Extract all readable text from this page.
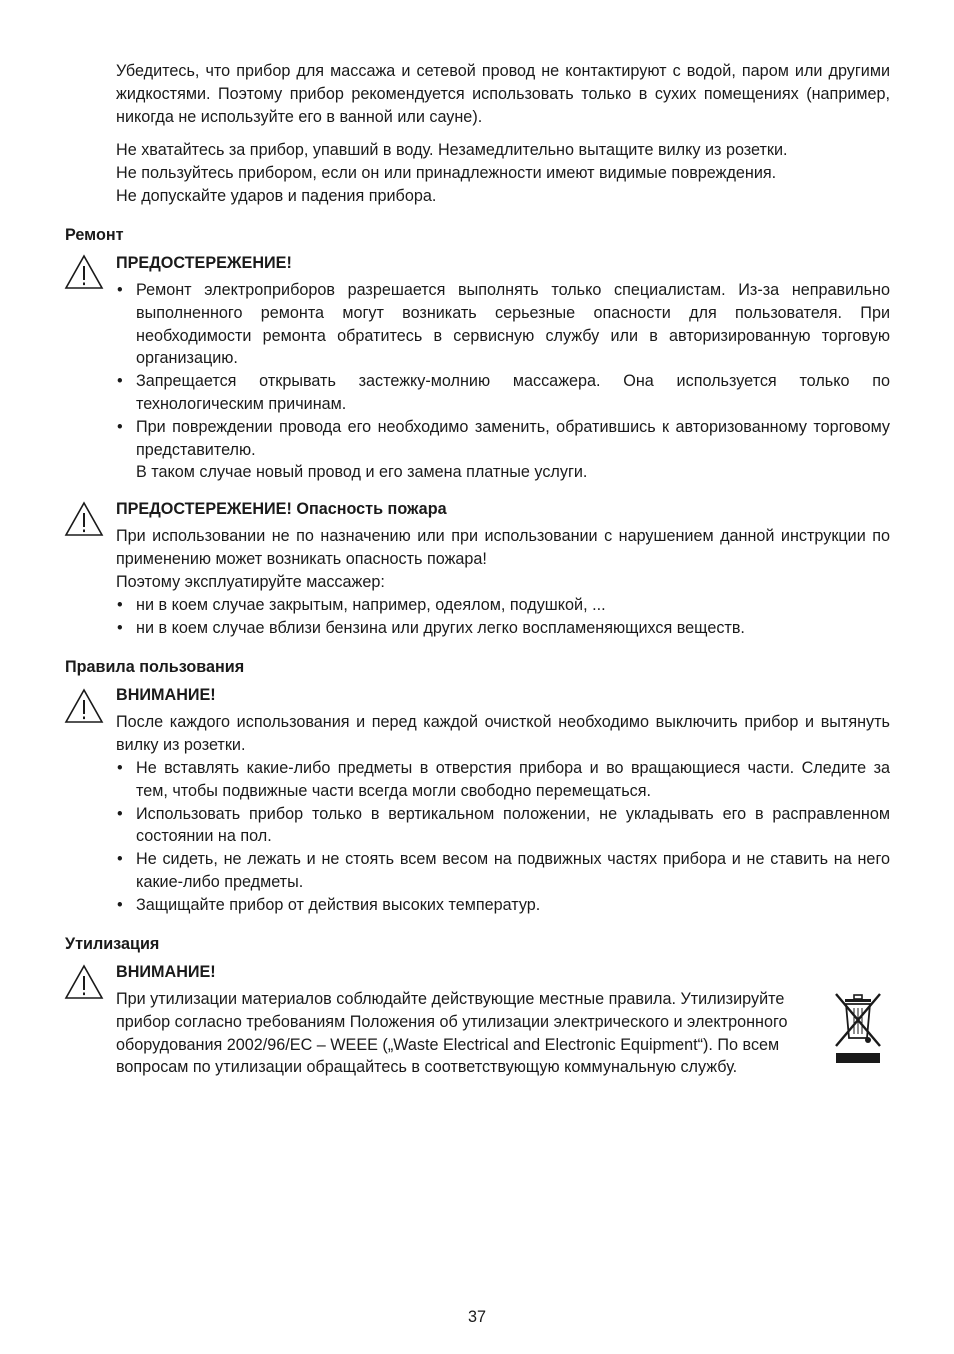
Убедитесь, что прибор для массажа и сетевой провод не контактируют с водой, паром или другими жидкостями. Поэтому прибор рекомендуется использовать только в сухих помещениях (например, никогда не используйте его в ванной или сауне).

Не хватайтесь за прибор, упавший в воду. Незамедлительно вытащите вилку из розетки.
Не пользуйтесь прибором, если он или принадлежности имеют видимые повреждения.
Не допускайте ударов и падения прибора.

Ремонт

ПРЕДОСТЕРЕЖЕНИЕ!

• Ремонт электроприборов разрешается выполнять только специалистам. Из-за неправильно выполненного ремонта могут возникать серьезные опасности для пользователя. При необходимости ремонта обратитесь в сервисную службу или в авторизированную торговую организацию.
• Запрещается открывать застежку-молнию массажера. Она используется только по технологическим причинам.
• При повреждении провода его необходимо заменить, обратившись к авторизованному торговому представителю.

В таком случае новый провод и его замена платные услуги.

ПРЕДОСТЕРЕЖЕНИЕ! Опасность пожара

При использовании не по назначению или при использовании с нарушением данной инструкции по применению может возникать опасность пожара!

Поэтому эксплуатируйте массажер:

• ни в коем случае закрытым, например, одеялом, подушкой, ...
• ни в коем случае вблизи бензина или других легко воспламеняющихся веществ.
Правила пользования

ВНИМАНИЕ!

После каждого использования и перед каждой очисткой необходимо выключить прибор и вытянуть вилку из розетки.

• Не вставлять какие-либо предметы в отверстия прибора и во вращающиеся части. Следите за тем, чтобы подвижные части всегда могли свободно перемещаться.
• Использовать прибор только в вертикальном положении, не укладывать его в расправленном состоянии на пол.
• Не сидеть, не лежать и не стоять всем весом на подвижных частях прибора и не ставить на него какие-либо предметы.
• Защищайте прибор от действия высоких температур.
Утилизация

ВНИМАНИЕ!

При утилизации материалов соблюдайте действующие местные правила. Утилизируйте
прибор согласно требованиям Положения об утилизации электрического и электронного
оборудования 2002/96/EC – WEEE („Waste Electrical and Electronic Equipment“). По всем
вопросам по утилизации обращайтесь в соответствующую коммунальную службу.
37
